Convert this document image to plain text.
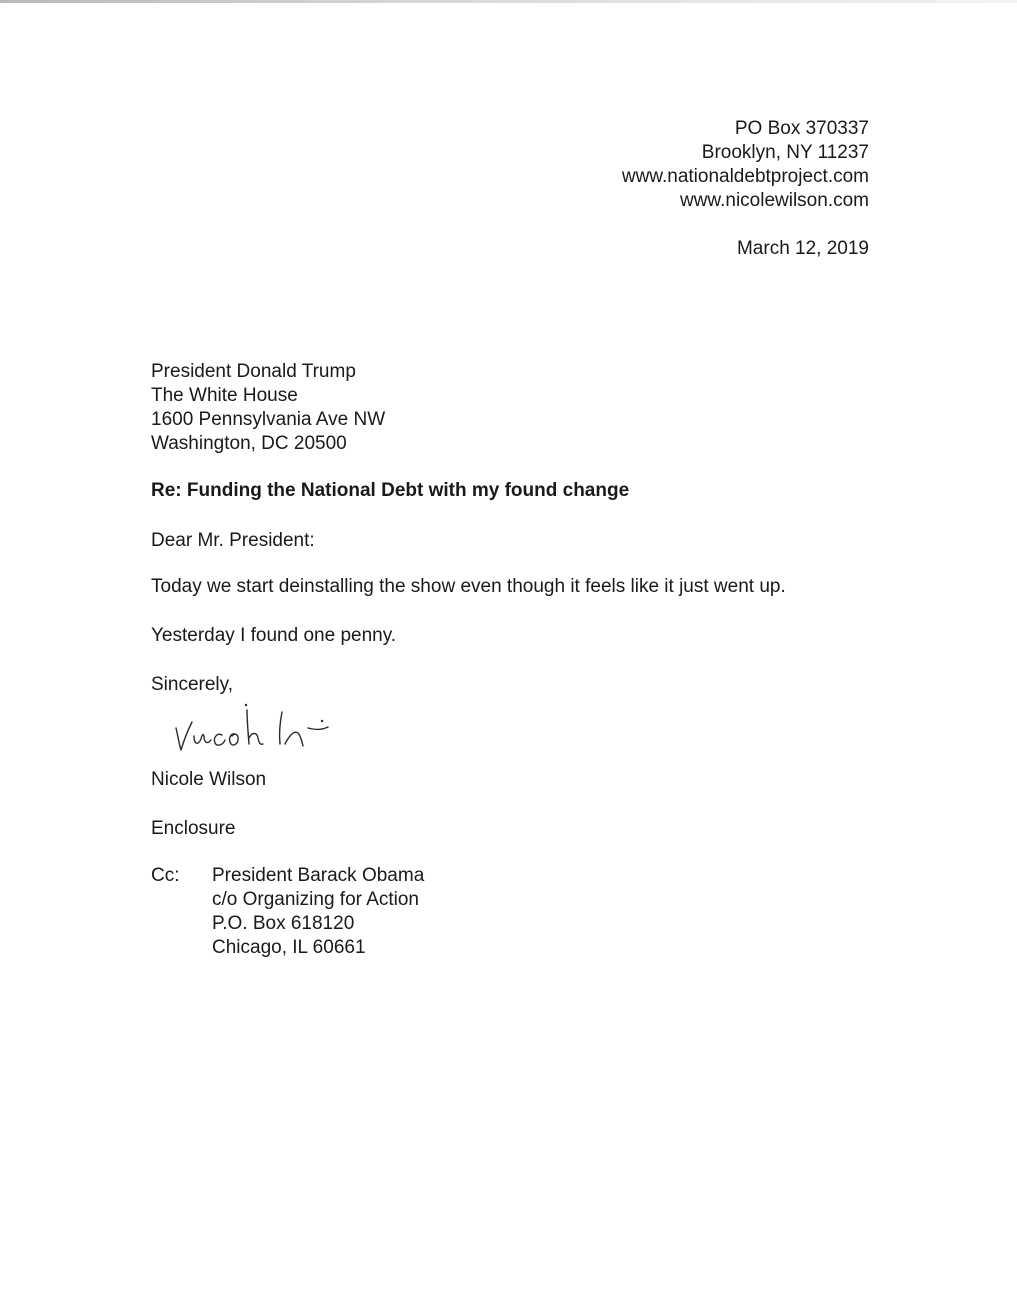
PO Box 370337
Brooklyn, NY 11237
www.nationaldebtproject.com
www.nicolewilson.com
March 12, 2019
President Donald Trump
The White House
1600 Pennsylvania Ave NW
Washington, DC 20500
Re: Funding the National Debt with my found change
Dear Mr. President:
Today we start deinstalling the show even though it feels like it just went up.
Yesterday I found one penny.
Sincerely,
Nicole Wilson
Enclosure
Cc: President Barack Obama
c/o Organizing for Action
P.O. Box 618120
Chicago, IL 60661
